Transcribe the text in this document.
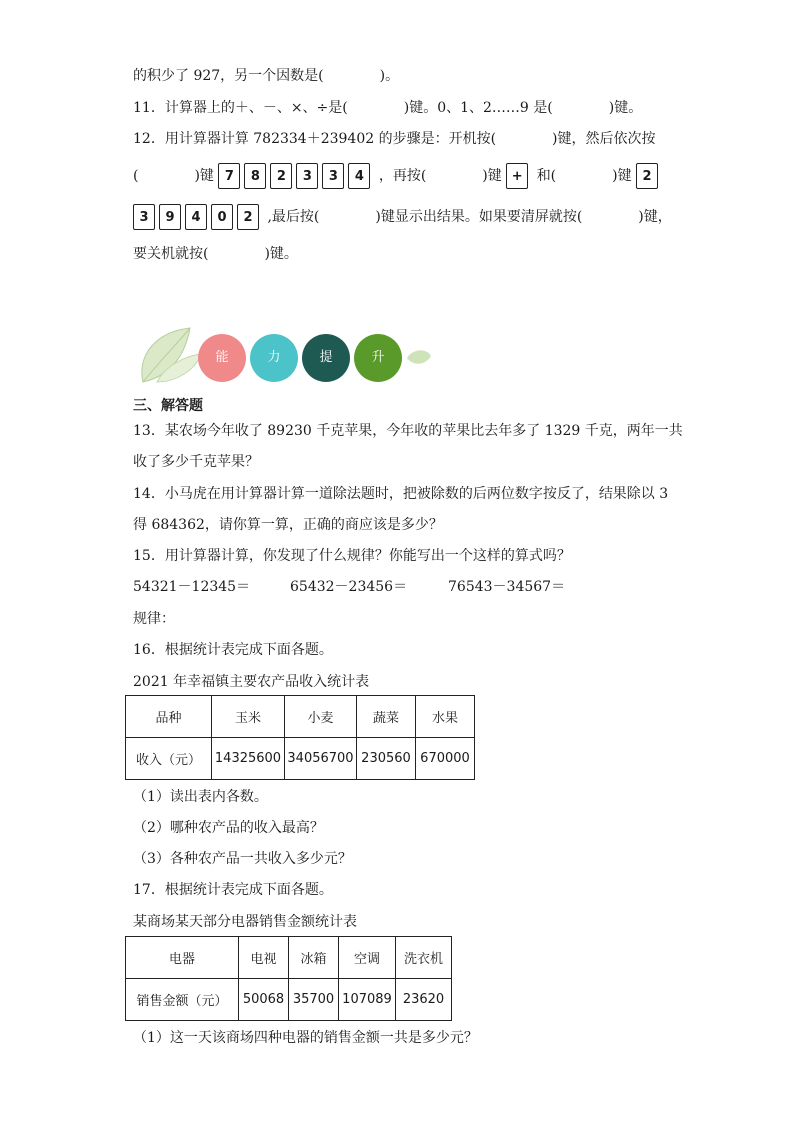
的积少了 927，另一个因数是(　　　　)。
11．计算器上的＋、－、×、÷是(　　　　)键。0、1、2……9 是(　　　　)键。
12．用计算器计算 782334＋239402 的步骤是：开机按(　　　　)键，然后依次按
(　　　　)键 7 8 2 3 3 4 ，再按(　　　　)键 + 和(　　　　)键 2
3 9 4 0 2 ,最后按(　　　　)键显示出结果。如果要清屏就按(　　　　)键，
要关机就按(　　　　)键。
能	力	提	升
三、解答题
13．某农场今年收了 89230 千克苹果，今年收的苹果比去年多了 1329 千克，两年一共
收了多少千克苹果？
14．小马虎在用计算器计算一道除法题时，把被除数的后两位数字按反了，结果除以 3
得 684362，请你算一算，正确的商应该是多少？
15．用计算器计算，你发现了什么规律？你能写出一个这样的算式吗？
54321－12345＝	65432－23456＝	76543－34567＝
规律：
16．根据统计表完成下面各题。
2021 年幸福镇主要农产品收入统计表
品种	玉米	小麦	蔬菜	水果
收入（元）	14325600	34056700	230560	670000
（1）读出表内各数。
（2）哪种农产品的收入最高？
（3）各种农产品一共收入多少元？
17．根据统计表完成下面各题。
某商场某天部分电器销售金额统计表
电器	电视	冰箱	空调	洗衣机
销售金额（元）	50068	35700	107089	23620
（1）这一天该商场四种电器的销售金额一共是多少元？
